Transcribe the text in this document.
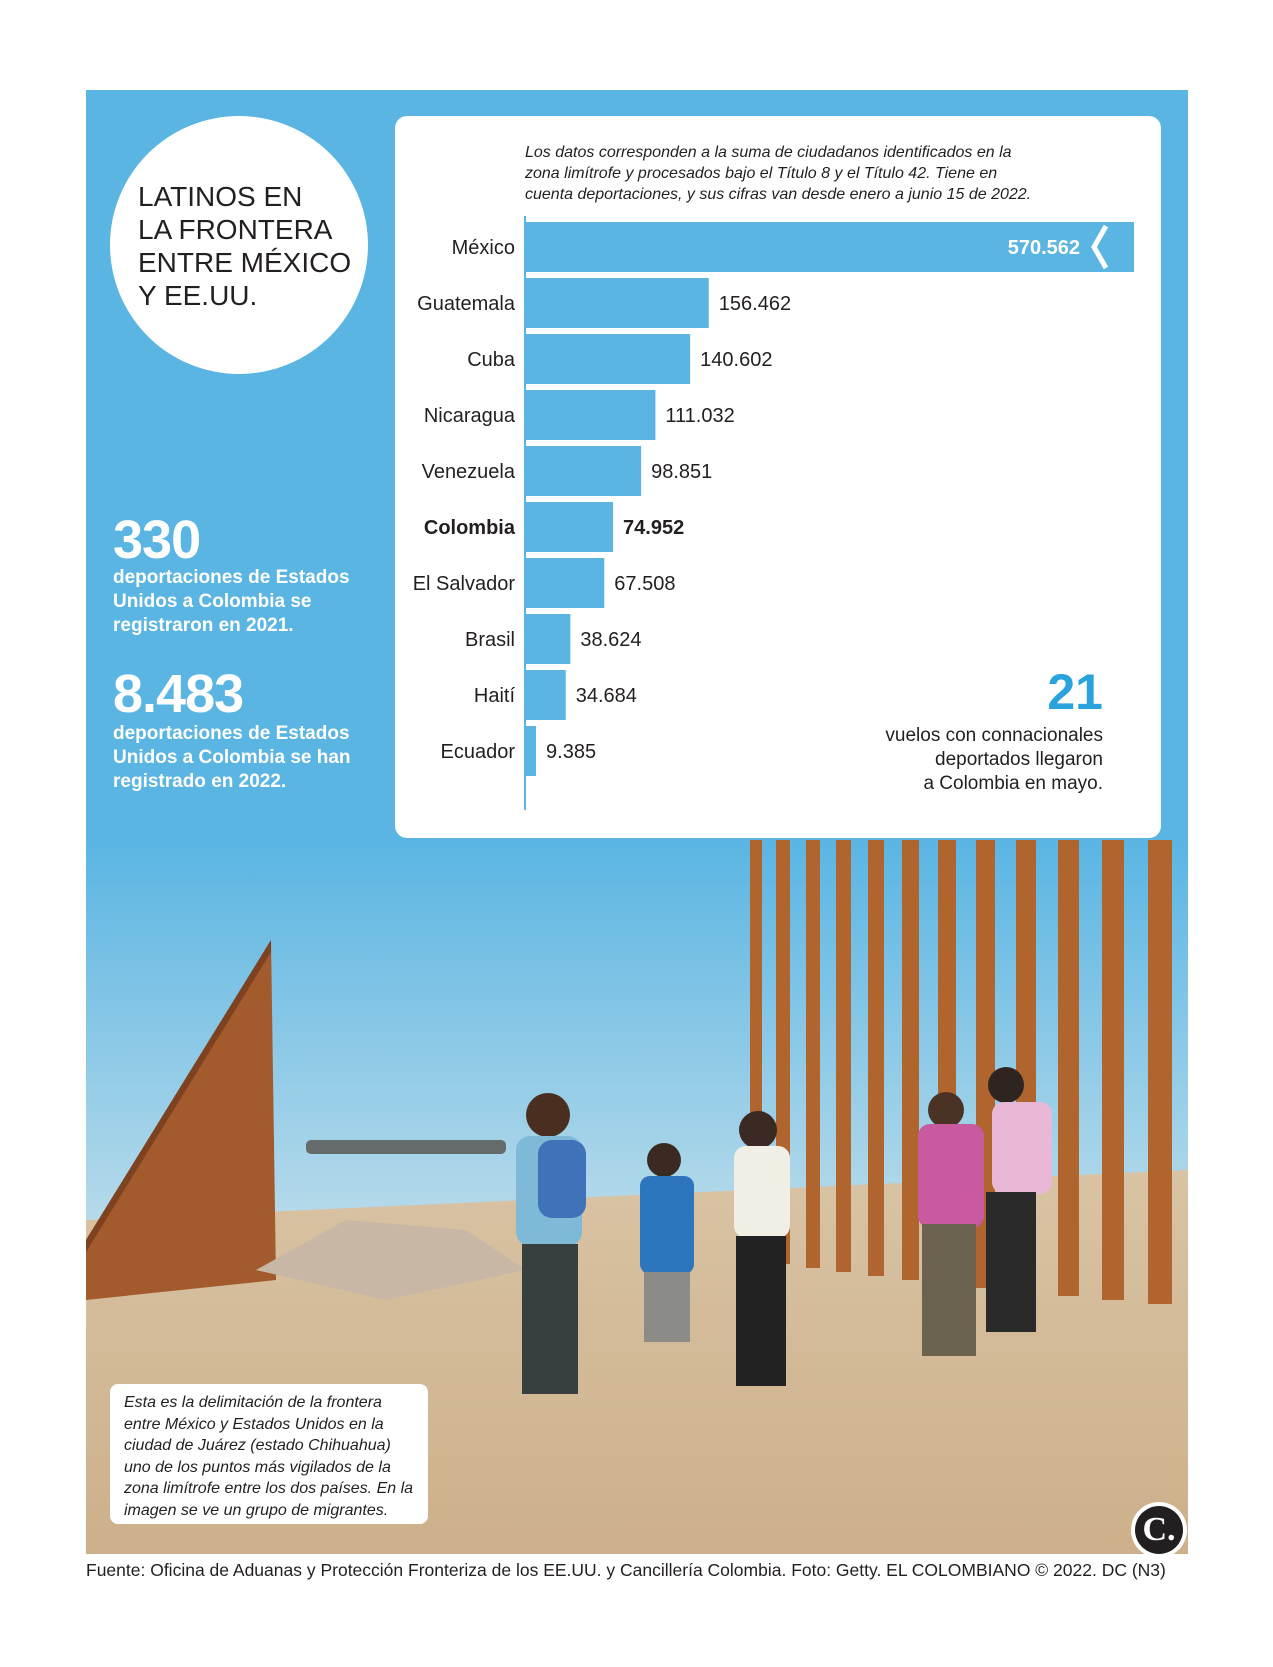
LATINOS EN
LA FRONTERA
ENTRE MÉXICO
Y EE.UU.
330
deportaciones de Estados Unidos a Colombia se registraron en 2021.
8.483
deportaciones de Estados Unidos a Colombia se han registrado en 2022.
Los datos corresponden a la suma de ciudadanos identificados en la zona limítrofe y procesados bajo el Título 8 y el Título 42. Tiene en cuenta deportaciones, y sus cifras van desde enero a junio 15 de 2022.
México	570.562
Guatemala	156.462
Cuba	140.602
Nicaragua	111.032
Venezuela	98.851
Colombia	74.952
El Salvador	67.508
Brasil	38.624
Haití	34.684
Ecuador 9.385
21
vuelos con connacionales
deportados llegaron
a Colombia en mayo.
Esta es la delimitación de la frontera entre México y Estados Unidos en la ciudad de Juárez (estado Chihuahua) uno de los puntos más vigilados de la zona limítrofe entre los dos países. En la imagen se ve un grupo de migrantes.
C.
Fuente: Oficina de Aduanas y Protección Fronteriza de los EE.UU. y Cancillería Colombia. Foto: Getty. EL COLOMBIANO © 2022. DC (N3)
